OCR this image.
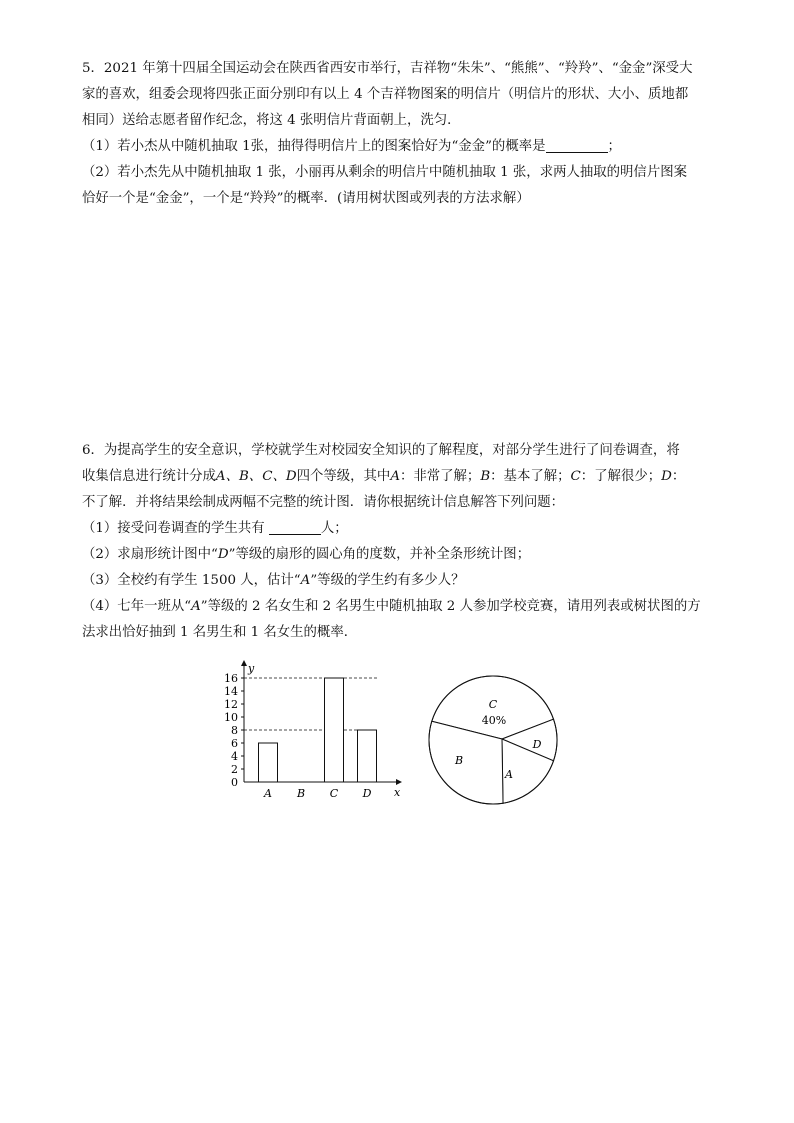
5．2021 年第十四届全国运动会在陕西省西安市举行，吉祥物“朱朱”、“熊熊”、“羚羚”、“金金”深受大

家的喜欢，组委会现将四张正面分别印有以上 4 个吉祥物图案的明信片（明信片的形状、大小、质地都

相同）送给志愿者留作纪念，将这 4 张明信片背面朝上，洗匀．

（1）若小杰从中随机抽取 1张，抽得得明信片上的图案恰好为“金金”的概率是	；

（2）若小杰先从中随机抽取 1 张，小丽再从剩余的明信片中随机抽取 1 张，求两人抽取的明信片图案

恰好一个是“金金”，一个是“羚羚”的概率．(请用树状图或列表的方法求解）

6．为提高学生的安全意识，学校就学生对校园安全知识的了解程度，对部分学生进行了问卷调查，将

收集信息进行统计分成A、B、C、D四个等级，其中A：非常了解；B：基本了解；C：了解很少；D：

不了解．并将结果绘制成两幅不完整的统计图．请你根据统计信息解答下列问题：

（1）接受问卷调查的学生共有	人；

（2）求扇形统计图中“D”等级的扇形的圆心角的度数，并补全条形统计图；

（3）全校约有学生 1500 人，估计“A”等级的学生约有多少人？

（4）七年一班从“A”等级的 2 名女生和 2 名男生中随机抽取 2 人参加学校竞赛，请用列表或树状图的方

法求出恰好抽到 1 名男生和 1 名女生的概率．

y
x
0
2
4
6
8
10
12
14
16
A B C D
C
40%
D
A
B
